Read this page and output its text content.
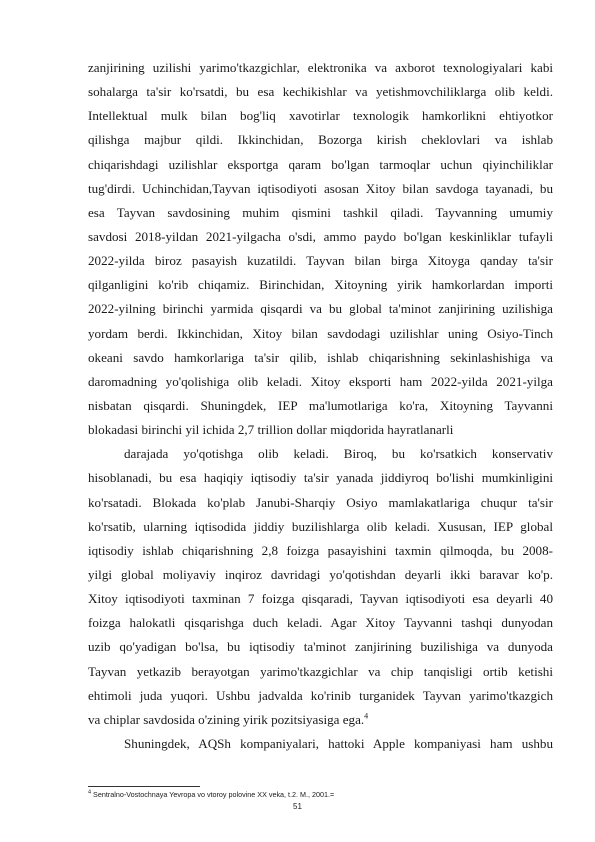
zanjirining uzilishi yarimo'tkazgichlar, elektronika va axborot texnologiyalari kabi
sohalarga ta'sir ko'rsatdi, bu esa kechikishlar va yetishmovchiliklarga olib keldi.
Intellektual mulk bilan bog'liq xavotirlar texnologik hamkorlikni ehtiyotkor
qilishga majbur qildi. Ikkinchidan, Bozorga kirish cheklovlari va ishlab
chiqarishdagi uzilishlar eksportga qaram bo'lgan tarmoqlar uchun qiyinchiliklar
tug'dirdi. Uchinchidan,Tayvan iqtisodiyoti asosan Xitoy bilan savdoga tayanadi, bu
esa Tayvan savdosining muhim qismini tashkil qiladi. Tayvanning umumiy
savdosi 2018-yildan 2021-yilgacha o'sdi, ammo paydo bo'lgan keskinliklar tufayli
2022-yilda biroz pasayish kuzatildi. Tayvan bilan birga Xitoyga qanday ta'sir
qilganligini ko'rib chiqamiz. Birinchidan, Xitoyning yirik hamkorlardan importi
2022-yilning birinchi yarmida qisqardi va bu global ta'minot zanjirining uzilishiga
yordam berdi. Ikkinchidan, Xitoy bilan savdodagi uzilishlar uning Osiyo-Tinch
okeani savdo hamkorlariga ta'sir qilib, ishlab chiqarishning sekinlashishiga va
daromadning yo'qolishiga olib keladi. Xitoy eksporti ham 2022-yilda 2021-yilga
nisbatan qisqardi. Shuningdek, IEP ma'lumotlariga ko'ra, Xitoyning Tayvanni
blokadasi birinchi yil ichida 2,7 trillion dollar miqdorida hayratlanarli
darajada yo'qotishga olib keladi. Biroq, bu ko'rsatkich konservativ
hisoblanadi, bu esa haqiqiy iqtisodiy ta'sir yanada jiddiyroq bo'lishi mumkinligini
ko'rsatadi. Blokada ko'plab Janubi-Sharqiy Osiyo mamlakatlariga chuqur ta'sir
ko'rsatib, ularning iqtisodida jiddiy buzilishlarga olib keladi. Xususan, IEP global
iqtisodiy ishlab chiqarishning 2,8 foizga pasayishini taxmin qilmoqda, bu 2008-
yilgi global moliyaviy inqiroz davridagi yo'qotishdan deyarli ikki baravar ko'p.
Xitoy iqtisodiyoti taxminan 7 foizga qisqaradi, Tayvan iqtisodiyoti esa deyarli 40
foizga halokatli qisqarishga duch keladi. Agar Xitoy Tayvanni tashqi dunyodan
uzib qo'yadigan bo'lsa, bu iqtisodiy ta'minot zanjirining buzilishiga va dunyoda
Tayvan yetkazib berayotgan yarimo'tkazgichlar va chip tanqisligi ortib ketishi
ehtimoli juda yuqori. Ushbu jadvalda ko'rinib turganidek Tayvan yarimo'tkazgich
va chiplar savdosida o'zining yirik pozitsiyasiga ega.$^4$
Shuningdek, AQSh kompaniyalari, hattoki Apple kompaniyasi ham ushbu
$^4$ Sentralno-Vostochnaya Yevropa vo vtoroy polovine XX veka, t.2. M., 2001.=
51
